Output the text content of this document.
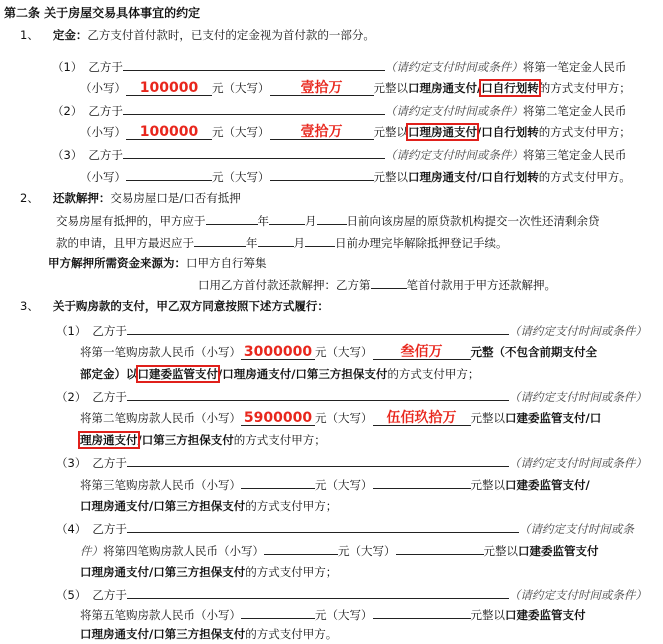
第二条 关于房屋交易具体事宜的约定
1、 定金：乙方支付首付款时，已支付的定金视为首付款的一部分。
（1） 乙方于	（请约定支付时间或条件）将第一笔定金人民币
（小写） 100000 元（大写） 壹拾万	元整以口理房通支付/口自行划转的方式支付甲方；
（2） 乙方于	（请约定支付时间或条件）将第二笔定金人民币
（小写） 100000 元（大写） 壹拾万	元整以口理房通支付/口自行划转的方式支付甲方；
（3） 乙方于	（请约定支付时间或条件）将第三笔定金人民币
（小写）	元（大写）	元整以口理房通支付/口自行划转的方式支付甲方。
2、 还款解押：交易房屋口是/口否有抵押
交易房屋有抵押的，甲方应于	年	月	日前向该房屋的原贷款机构提交一次性还清剩余贷
款的申请，且甲方最迟应于	年	月	日前办理完毕解除抵押登记手续。
甲方解押所需资金来源为：口甲方自行筹集
口用乙方首付款还款解押：乙方第	笔首付款用于甲方还款解押。
3、 关于购房款的支付，甲乙双方同意按照下述方式履行：
（1） 乙方于	（请约定支付时间或条件）
将第一笔购房款人民币（小写） 3000000 元（大写） 叁佰万 元整（不包含前期支付全
部定金）以口建委监管支付/口理房通支付/口第三方担保支付的方式支付甲方；
（2） 乙方于	（请约定支付时间或条件）
将第二笔购房款人民币（小写） 5900000 元（大写） 伍佰玖拾万 元整以口建委监管支付/口
理房通支付/口第三方担保支付的方式支付甲方；
（3） 乙方于	（请约定支付时间或条件）
将第三笔购房款人民币（小写）	元（大写）	元整以口建委监管支付/
口理房通支付/口第三方担保支付的方式支付甲方；
（4） 乙方于	（请约定支付时间或条
件）将第四笔购房款人民币（小写）	元（大写）	元整以口建委监管支付
口理房通支付/口第三方担保支付的方式支付甲方；
（5） 乙方于	（请约定支付时间或条件）
将第五笔购房款人民币（小写）	元（大写）	元整以口建委监管支付
口理房通支付/口第三方担保支付的方式支付甲方。
